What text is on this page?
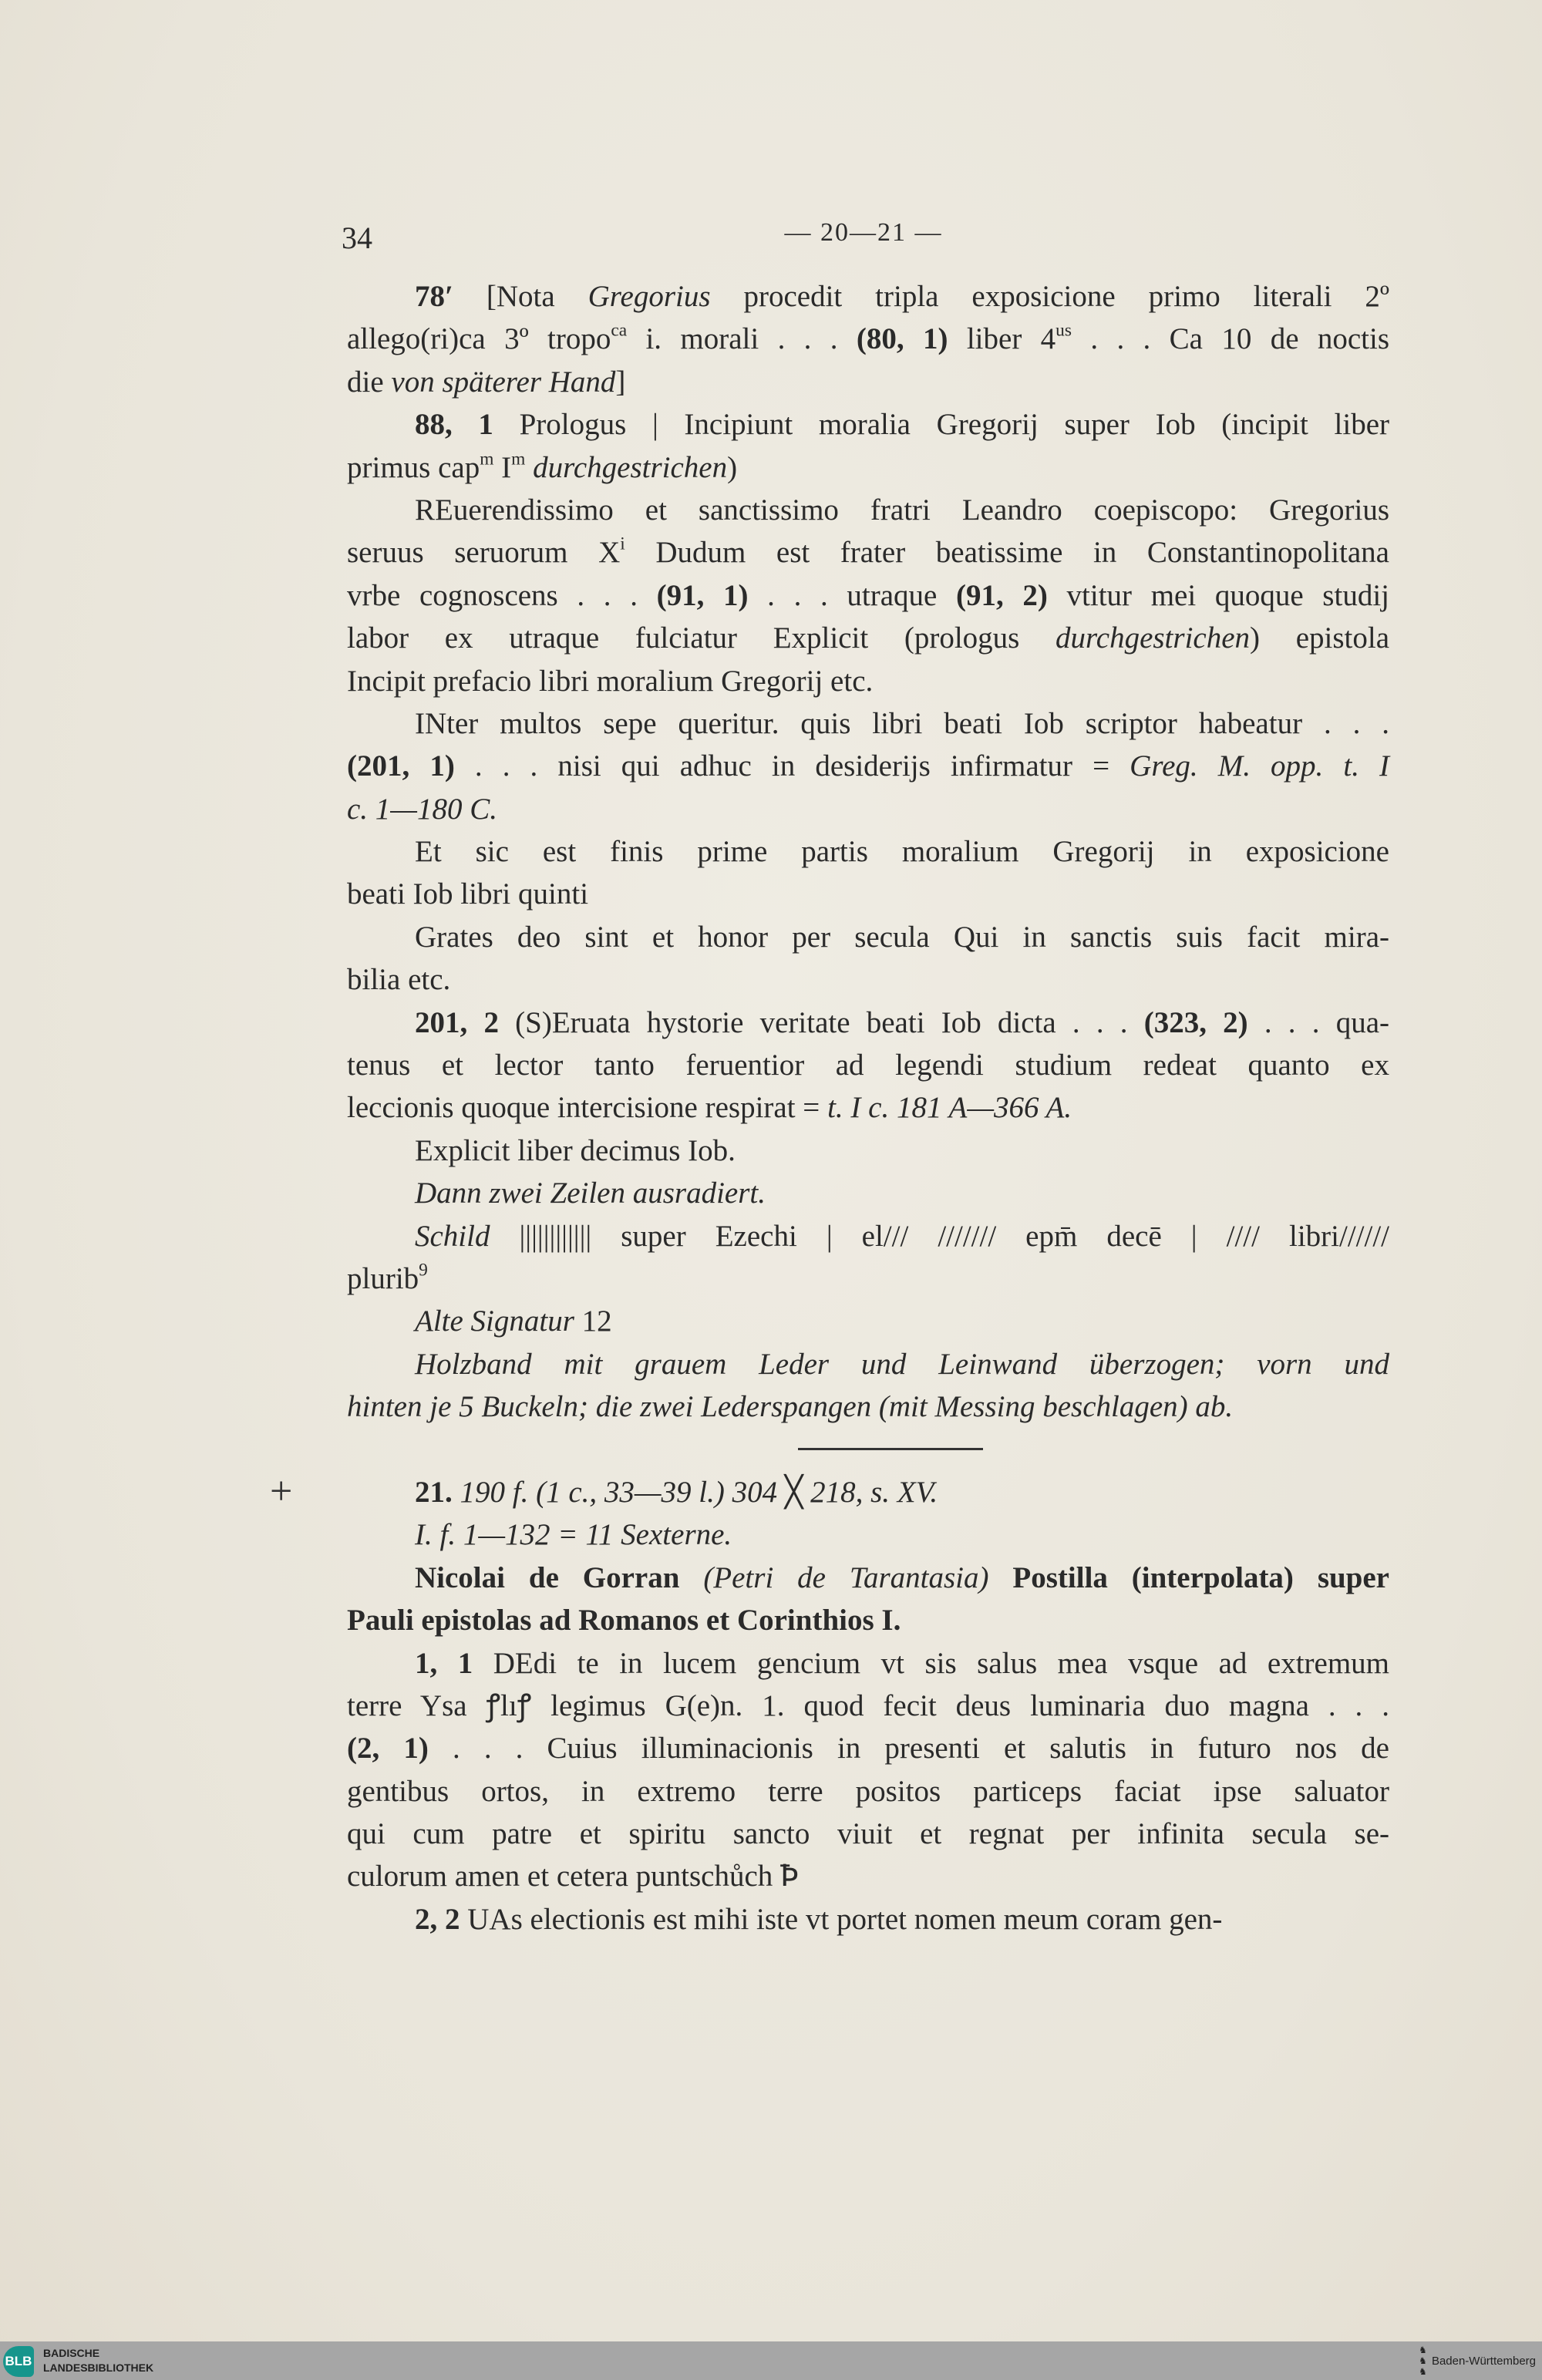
34	— 20—21 —
+
78′ [Nota Gregorius procedit tripla exposicione primo literali 2º
allego(ri)ca 3º tropo$^{ca}$ i. morali . . . (80, 1) liber $4^{us}$ . . . Ca 10 de noctis
die von späterer Hand]
88, 1 Prologus | Incipiunt moralia Gregorij super Iob (incipit liber
primus cap$^m$ $I^m$ durchgestrichen)
REuerendissimo et sanctissimo fratri Leandro coepiscopo: Gregorius
seruus seruorum $X^i$ Dudum est frater beatissime in Constantinopolitana
vrbe cognoscens . . . (91, 1) . . . utraque (91, 2) vtitur mei quoque studij
labor ex utraque fulciatur Explicit (prologus durchgestrichen) epistola
Incipit prefacio libri moralium Gregorij etc.
INter multos sepe queritur. quis libri beati Iob scriptor habeatur . . .
(201, 1) . . . nisi qui adhuc in desiderijs infirmatur = Greg. M. opp. t. I
c. 1—180 C.
Et sic est finis prime partis moralium Gregorij in exposicione
beati Iob libri quinti
Grates deo sint et honor per secula Qui in sanctis suis facit mira-
bilia etc.
201, 2 (S)Eruata hystorie veritate beati Iob dicta . . . (323, 2) . . . qua-
tenus et lector tanto feruentior ad legendi studium redeat quanto ex
leccionis quoque intercisione respirat = t. I c. 181 A—366 A.
Explicit liber decimus Iob.
Dann zwei Zeilen ausradiert.
Schild |||||||||||| super Ezechi | el/// /////// epm̄ decē | //// libri//////
plurib$^9$
Alte Signatur 12
Holzband mit grauem Leder und Leinwand überzogen; vorn und
hinten je 5 Buckeln; die zwei Lederspangen (mit Messing beschlagen) ab.
21. 190 f. (1 c., 33—39 l.) 304 ╳ 218, s. XV.
I. f. 1—132 = 11 Sexterne.
Nicolai de Gorran (Petri de Tarantasia) Postilla (interpolata) super
Pauli epistolas ad Romanos et Corinthios I.
1, 1 DEdi te in lucem gencium vt sis salus mea vsque ad extremum
terre Ysa ꝭlıꝭ legimus G(e)n. 1. quod fecit deus luminaria duo magna . . .
(2, 1) . . . Cuius illuminacionis in presenti et salutis in futuro nos de
gentibus ortos, in extremo terre positos particeps faciat ipse saluator
qui cum patre et spiritu sancto viuit et regnat per infinita secula se-
culorum amen et cetera puntschůch Ꝥ
2, 2 UAs electionis est mihi iste vt portet nomen meum coram gen-
BLB
BADISCHE
LANDESBIBLIOTHEK
♞
♞
♞
Baden-Württemberg
